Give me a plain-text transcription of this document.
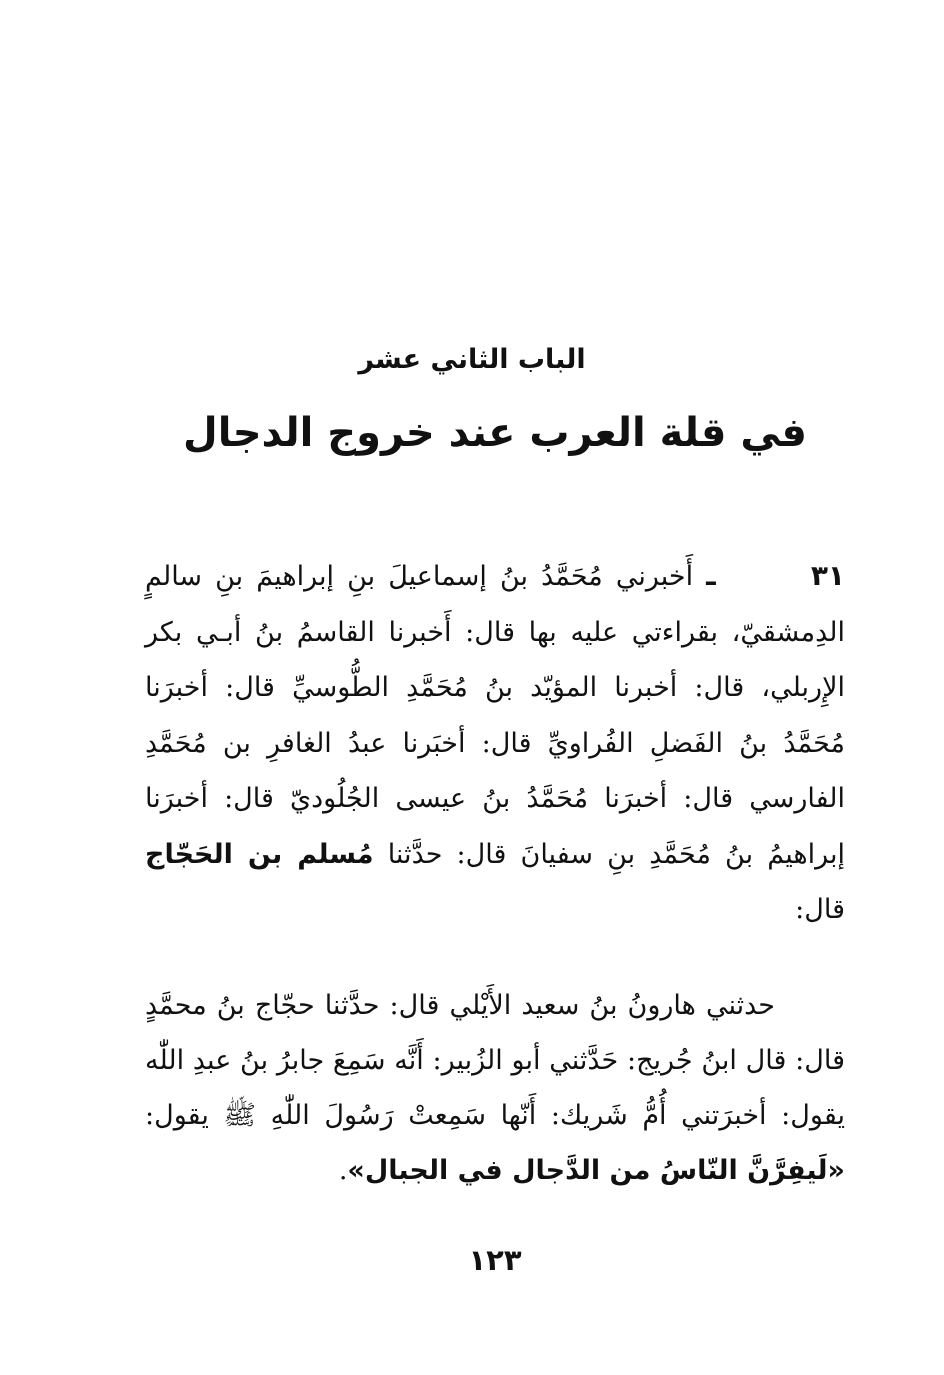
الباب الثاني عشر
في قلة العرب عند خروج الدجال

٣١ ـ أَخبرني مُحَمَّدُ بنُ إسماعيلَ بنِ إبراهيمَ بنِ سالمٍ الدِمشقيّ، بقراءتي عليه بها قال: أَخبرنا القاسمُ بنُ أبـي بكر الإِربلي، قال: أخبرنا المؤيّد بنُ مُحَمَّدِ الطُّوسيِّ قال: أخبرَنا مُحَمَّدُ بنُ الفَضلِ الفُراويِّ قال: أخبَرنا عبدُ الغافرِ بن مُحَمَّدِ الفارسي قال: أخبرَنا مُحَمَّدُ بنُ عيسى الجُلُوديّ قال: أخبرَنا إبراهيمُ بنُ مُحَمَّدِ بنِ سفيانَ قال: حدَّثنا مُسلم بن الحَجّاج قال:

حدثني هارونُ بنُ سعيد الأَيْلي قال: حدَّثنا حجّاج بنُ محمَّدٍ قال: قال ابنُ جُريج: حَدَّثني أبو الزُبير: أَنَّه سَمِعَ جابرُ بنُ عبدِ اللّٰه يقول: أخبرَتني أُمُّ شَريك: أَنّها سَمِعتْ رَسُولَ اللّٰهِ ﷺ يقول: «لَيفِرَّنَّ النّاسُ من الدَّجال في الجبال».

١٢٣
